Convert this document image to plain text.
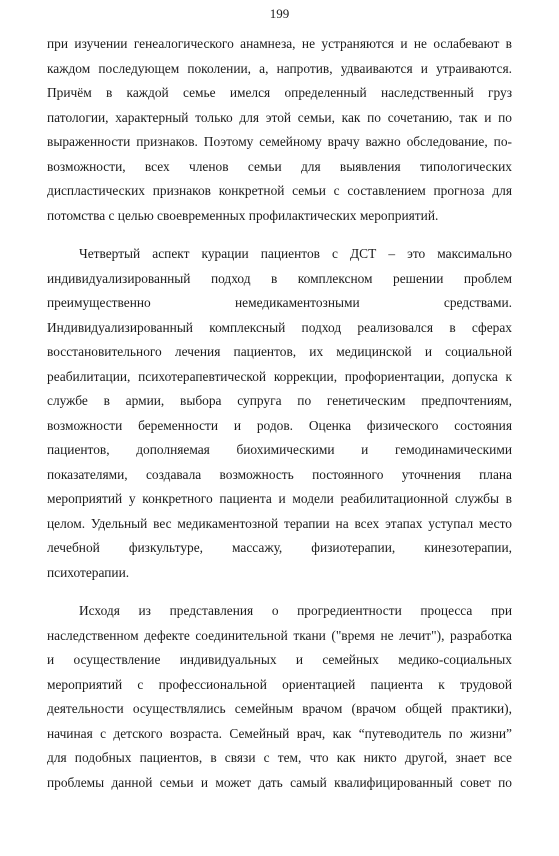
199
при изучении генеалогического анамнеза, не устраняются и не ослабевают в
каждом последующем поколении, а, напротив, удваиваются и утраиваются.
Причём в каждой семье имелся определенный наследственный груз
патологии, характерный только для этой семьи, как по сочетанию, так и по
выраженности признаков. Поэтому семейному врачу важно обследование, по-
возможности, всех членов семьи для выявления типологических
диспластических признаков конкретной семьи с составлением прогноза для
потомства с целью своевременных профилактических мероприятий.
Четвертый аспект курации пациентов с ДСТ – это максимально
индивидуализированный подход в комплексном решении проблем
преимущественно немедикаментозными средствами.
Индивидуализированный комплексный подход реализовался в сферах
восстановительного лечения пациентов, их медицинской и социальной
реабилитации, психотерапевтической коррекции, профориентации, допуска к
службе в армии, выбора супруга по генетическим предпочтениям,
возможности беременности и родов. Оценка физического состояния
пациентов, дополняемая биохимическими и гемодинамическими
показателями, создавала возможность постоянного уточнения плана
мероприятий у конкретного пациента и модели реабилитационной службы в
целом. Удельный вес медикаментозной терапии на всех этапах уступал место
лечебной физкультуре, массажу, физиотерапии, кинезотерапии,
психотерапии.
Исходя из представления о прогредиентности процесса при
наследственном дефекте соединительной ткани ("время не лечит"), разработка
и осуществление индивидуальных и семейных медико-социальных
мероприятий с профессиональной ориентацией пациента к трудовой
деятельности осуществлялись семейным врачом (врачом общей практики),
начиная с детского возраста. Семейный врач, как “путеводитель по жизни”
для подобных пациентов, в связи с тем, что как никто другой, знает все
проблемы данной семьи и может дать самый квалифицированный совет по
